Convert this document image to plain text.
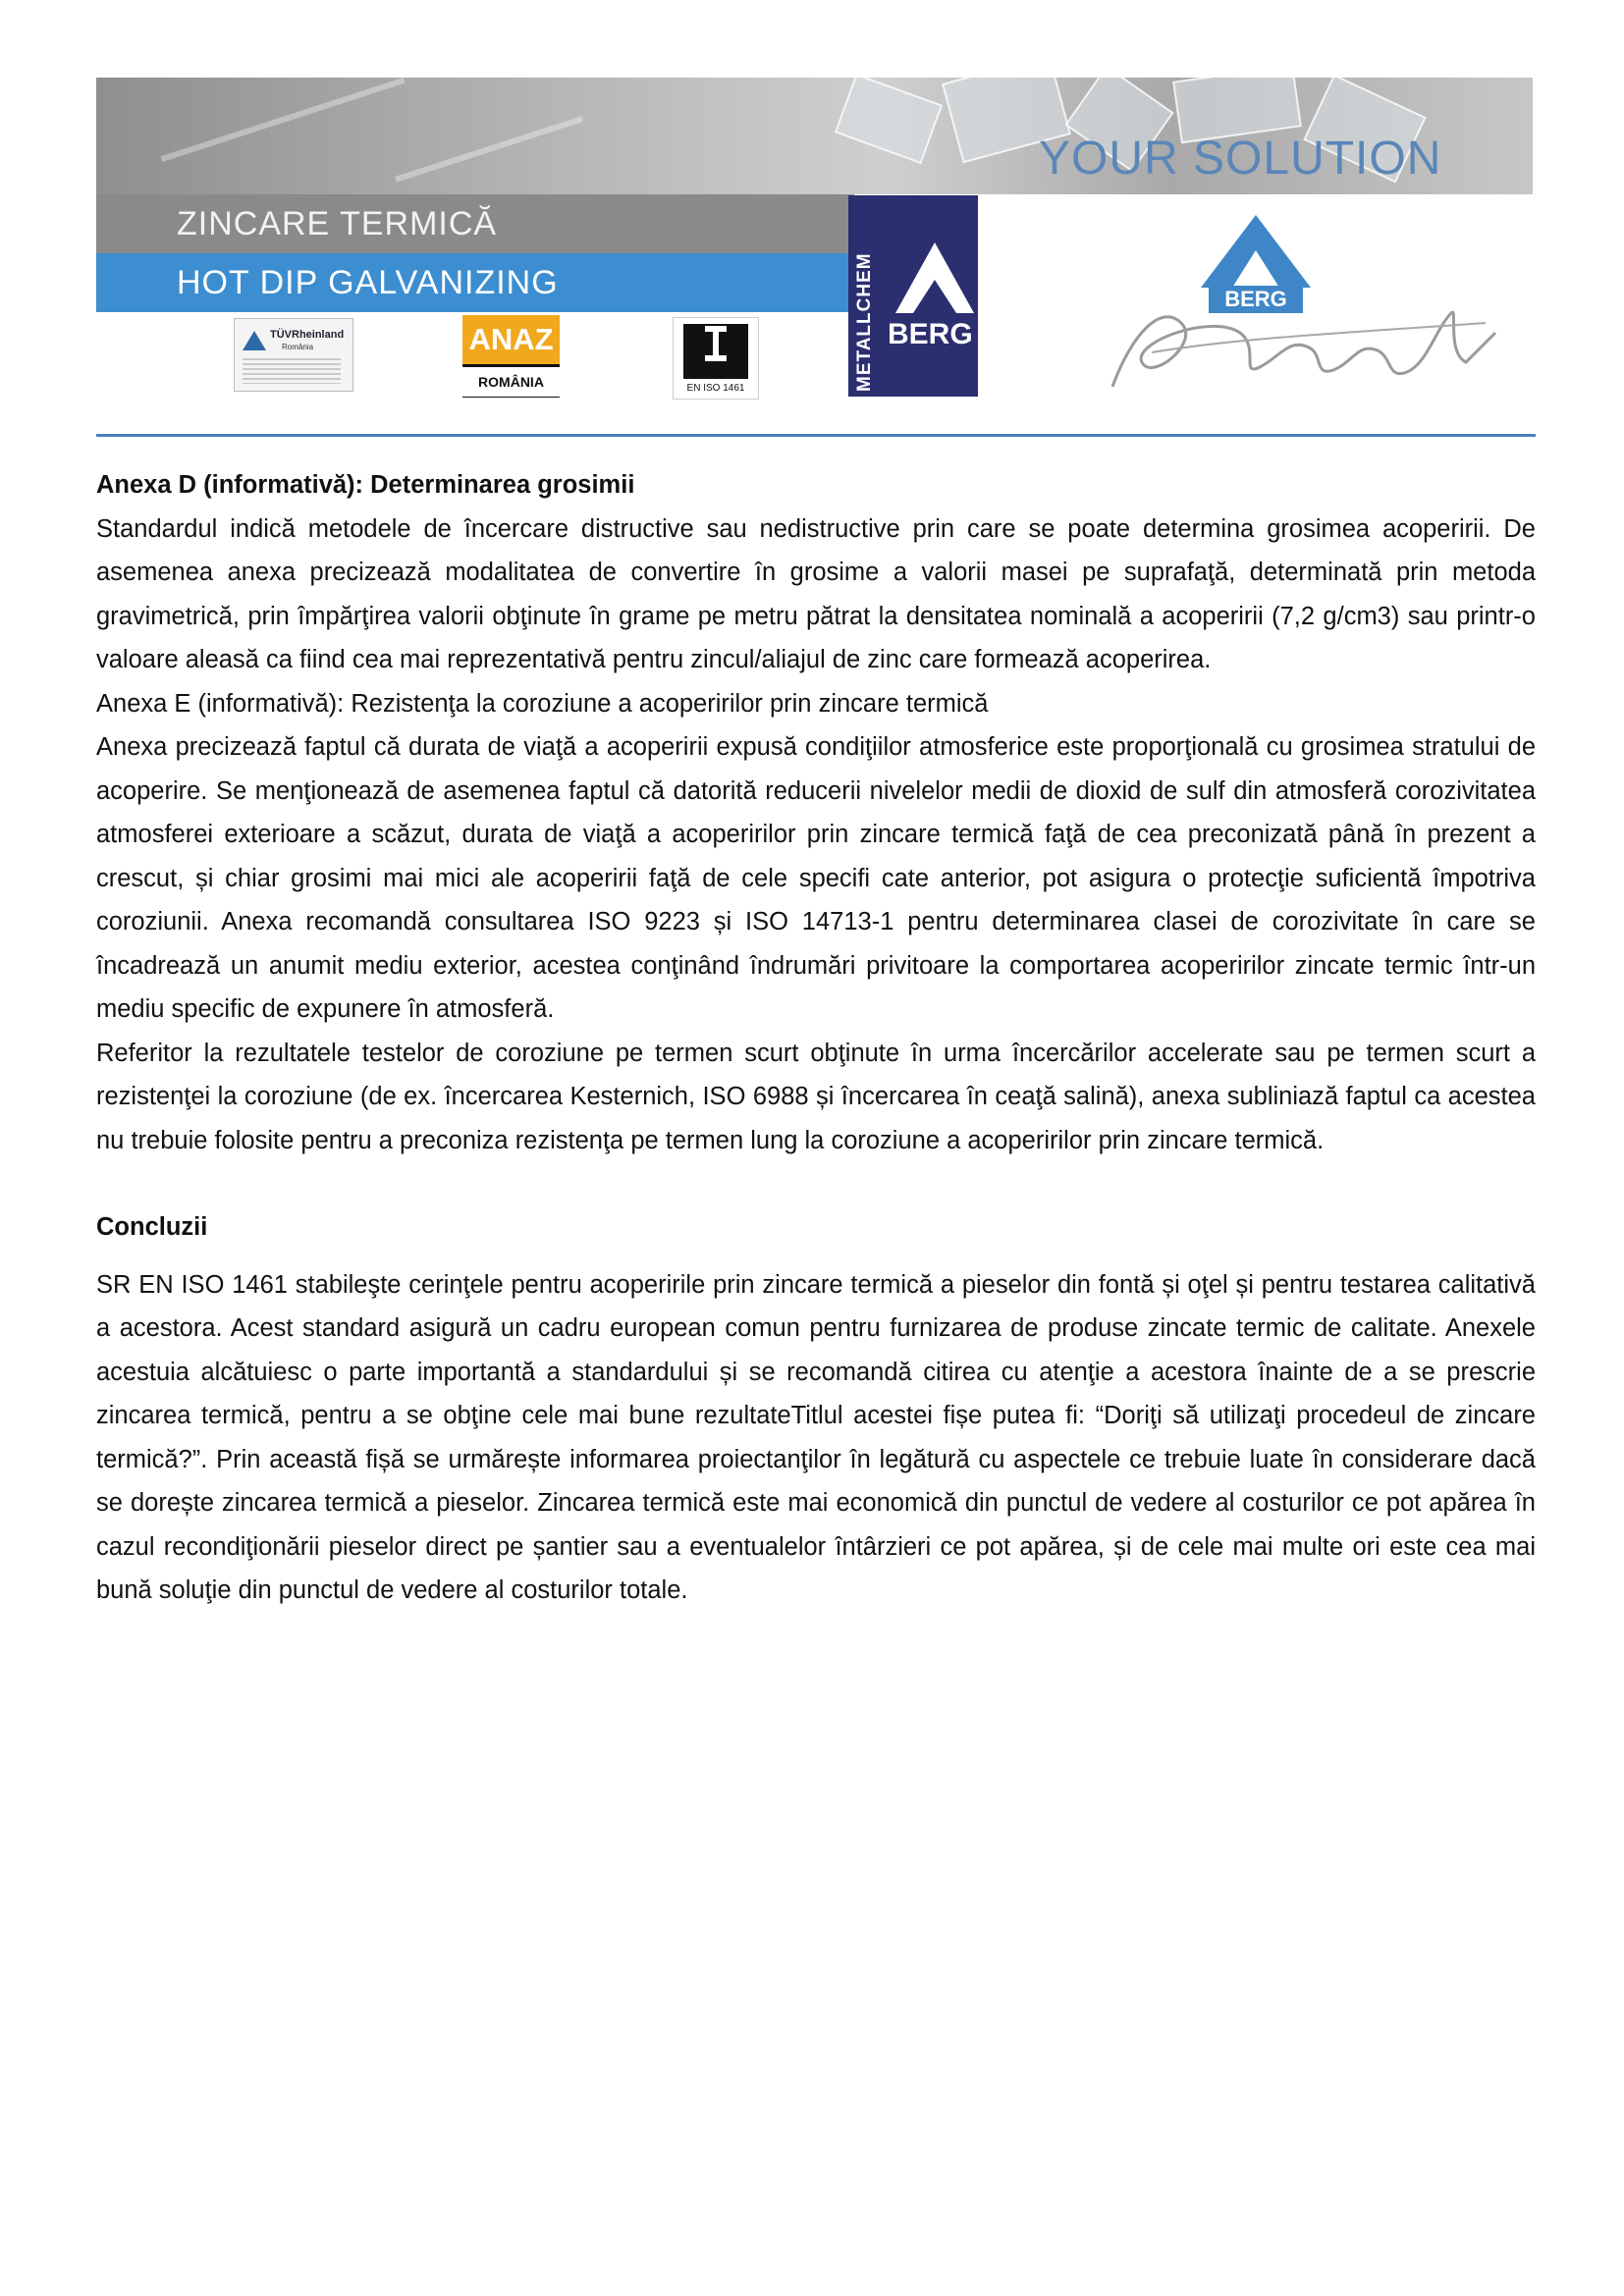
YOUR SOLUTION
ZINCARE TERMICĂ
HOT DIP GALVANIZING
TÜVRheinland
România	ANAZ
ROMÂNIA	EN ISO 1461	METALLCHEM BERG
BERG

Anexa D (informativă): Determinarea grosimii

Standardul indică metodele de încercare distructive sau nedistructive prin care se poate determina grosimea acoperirii. De asemenea anexa precizează modalitatea de convertire în grosime a valorii masei pe suprafaţă, determinată prin metoda gravimetrică, prin împărţirea valorii obţinute în grame pe metru pătrat la densitatea nominală a acoperirii (7,2 g/cm3) sau printr-o valoare aleasă ca fiind cea mai reprezentativă pentru zincul/aliajul de zinc care formează acoperirea.

Anexa E (informativă): Rezistenţa la coroziune a acoperirilor prin zincare termică

Anexa precizează faptul că durata de viaţă a acoperirii expusă condiţiilor atmosferice este proporţională cu grosimea stratului de acoperire. Se menţionează de asemenea faptul că datorită reducerii nivelelor medii de dioxid de sulf din atmosferă corozivitatea atmosferei exterioare a scăzut, durata de viaţă a acoperirilor prin zincare termică faţă de cea preconizată până în prezent a crescut, și chiar grosimi mai mici ale acoperirii faţă de cele specifi cate anterior, pot asigura o protecţie suficientă împotriva coroziunii. Anexa recomandă consultarea ISO 9223 și ISO 14713-1 pentru determinarea clasei de corozivitate în care se încadrează un anumit mediu exterior, acestea conţinând îndrumări privitoare la comportarea acoperirilor zincate termic într-un mediu specific de expunere în atmosferă.

Referitor la rezultatele testelor de coroziune pe termen scurt obţinute în urma încercărilor accelerate sau pe termen scurt a rezistenţei la coroziune (de ex. încercarea Kesternich, ISO 6988 și încercarea în ceaţă salină), anexa subliniază faptul ca acestea nu trebuie folosite pentru a preconiza rezistenţa pe termen lung la coroziune a acoperirilor prin zincare termică.

Concluzii

SR EN ISO 1461 stabileşte cerinţele pentru acoperirile prin zincare termică a pieselor din fontă și oţel și pentru testarea calitativă a acestora. Acest standard asigură un cadru european comun pentru furnizarea de produse zincate termic de calitate. Anexele acestuia alcătuiesc o parte importantă a standardului și se recomandă citirea cu atenţie a acestora înainte de a se prescrie zincarea termică, pentru a se obţine cele mai bune rezultateTitlul acestei fișe putea fi: “Doriţi să utilizaţi procedeul de zincare termică?”. Prin această fișă se urmărește informarea proiectanţilor în legătură cu aspectele ce trebuie luate în considerare dacă se dorește zincarea termică a pieselor. Zincarea termică este mai economică din punctul de vedere al costurilor ce pot apărea în cazul recondiţionării pieselor direct pe șantier sau a eventualelor întârzieri ce pot apărea, și de cele mai multe ori este cea mai bună soluţie din punctul de vedere al costurilor totale.
